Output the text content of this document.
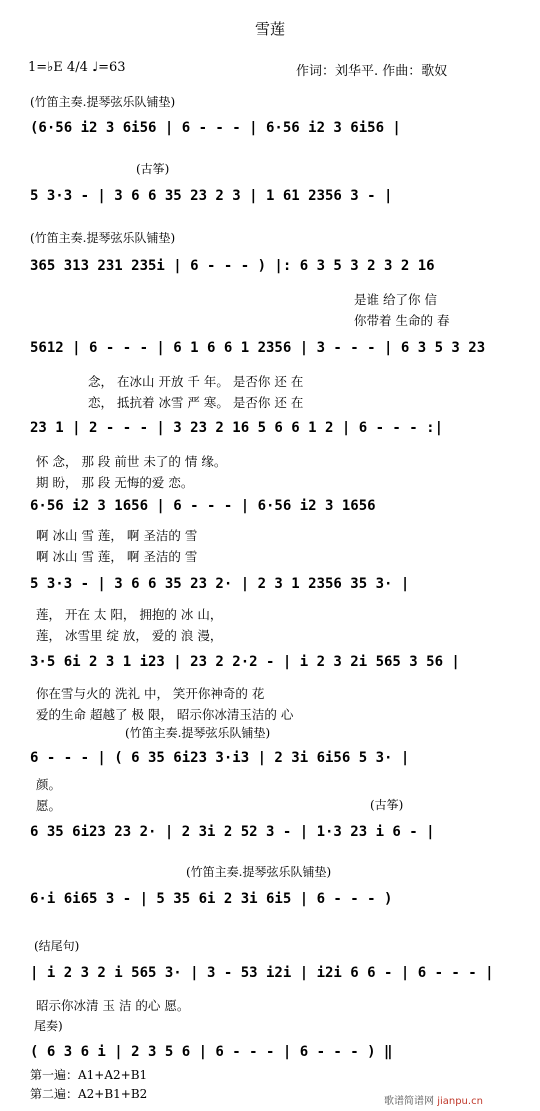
雪莲
1=♭E 4/4 ♩=63	作词：刘华平. 作曲：歌奴
(竹笛主奏.提琴弦乐队铺垫)
(古筝)
(竹笛主奏.提琴弦乐队铺垫)
(竹笛主奏.提琴弦乐队铺垫)
(古筝)
(竹笛主奏.提琴弦乐队铺垫)
(结尾句)
尾奏)
(6·56 i2 3 6i56 | 6 - - - | 6·56 i2 3 6i56 |
5 3·3 - | 3 6 6 35 23 2 3 | 1 61 2356 3 - |
365 313 231 235i | 6 - - - ) |: 6 3 5 3 2 3 2 16
5612 | 6 - - - | 6 1 6 6 1 2356 | 3 - - - | 6 3 5 3 23
23 1 | 2 - - - | 3 23 2 16 5 6 6 1 2 | 6 - - - :|
6·56 i2 3 1656 | 6 - - - | 6·56 i2 3 1656
5 3·3 - | 3 6 6 35 23 2· | 2 3 1 2356 35 3· |
3·5 6i 2 3 1 i23 | 23 2 2·2 - | i 2 3 2i 565 3 56 |
6 - - - | ( 6 35 6i23 3·i3 | 2 3i 6i56 5 3· |
6 35 6i23 23 2· | 2 3i 2 52 3 - | 1·3 23 i 6 - |
6·i 6i65 3 - | 5 35 6i 2 3i 6i5 | 6 - - - )
| i 2 3 2 i 565 3· | 3 - 53 i2i | i2i 6 6 - | 6 - - - |
( 6 3 6 i | 2 3 5 6 | 6 - - - | 6 - - - ) ‖
是谁 给了你 信
你带着 生命的 春
念， 在冰山 开放 千 年。 是否你 还 在
恋， 抵抗着 冰雪 严 寒。 是否你 还 在
怀 念， 那 段 前世 未了的 情 缘。
期 盼， 那 段 无悔的爱 恋。
啊 冰山 雪 莲， 啊 圣洁的 雪
啊 冰山 雪 莲， 啊 圣洁的 雪
莲， 开在 太 阳， 拥抱的 冰 山，
莲， 冰雪里 绽 放， 爱的 浪 漫，
你在雪与火的 洗礼 中， 笑开你神奇的 花
爱的生命 超越了 极 限， 昭示你冰清玉洁的 心
颜。
愿。
昭示你冰清 玉 洁 的心 愿。
第一遍：A1+A2+B1
第二遍：A2+B1+B2
歌谱简谱网 jianpu.cn
